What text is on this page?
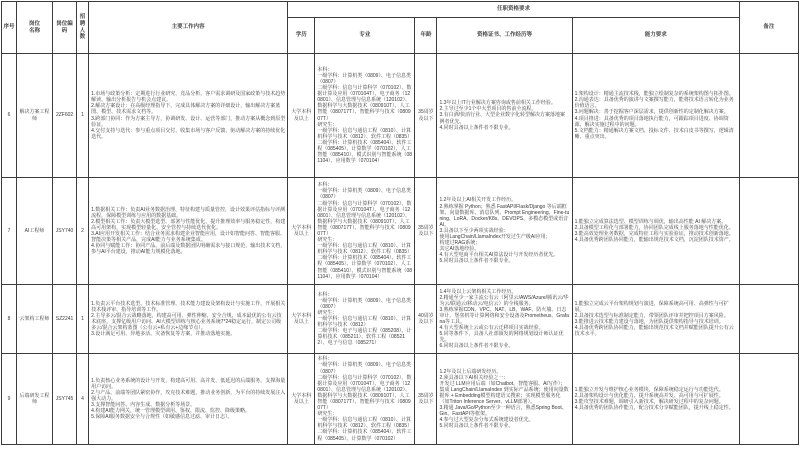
序号	岗位
名称	岗位编码	招聘
人数	主要工作内容	任职资格要求					备注
					学历	专业	年龄	资格证书、工作经历等	能力要求	
6	解决方案工程师	2ZF602	1	1.市场与政策分析：定期进行行业研究、竞品分析，客户需求调研及国家政策与技术趋势解读，输出分析报告与机会点建议。
2.解决方案设计：在高级经理指导下，完成具体解决方案的详细设计，输出解决方案蓝图、模型、技术需求文档等。
3.跨部门协同：作为方案主导方，协调研发、设计、运营等部门，推动方案从概念到原型验证。
4.交付支持与迭代：参与重点项目交付，收集市场与客户反馈，驱动解决方案的持续优化迭代。	大学本科及以上	本科：
一级学科：计算机类（0809）、电子信息类（0807）
二级学科：信息与计算科学（070102）、数据计算及应用（070104T）、电子商务（120801）、信息管理与信息系统（120102）、数据科学与大数据技术（080910T）、人工智能（080717T）、智能科学与技术（080907T）
研究生：
一级学科：信息与通信工程（0810）、计算机科学与技术（0812）、软件工程（0835）
二级学科：计算机技术（085404）、软件工程（085405）、计算数学（070102）、人工智能（085410）、模式识别与智能系统（081104）、应用数学（070104）	35周岁及以下	1.3年以上IT行业解决方案咨询或售前相关工作经验。
2.主导过至少1个中大型项目的售前全流程。
3.有白酒/快消行业、大型企业数字化转型解决方案落地案例者优先。
4.同时具备以上条件者不限专业。	1.架构设计：精通主流技术栈，能独立绘制复杂的系统架构图与拓扑图。
2.沟通表达：具备优秀的演讲与文案撰写能力，能将技术语言转化为业务价值语言。
3.问题解决：善于挖掘客户深层需求，提供创新性的定制化解决方案。
4.项目推进：具备优秀的项目落地执行能力，可跟踪项目进度、协调资源、解决实施过程中的问题。
5.文档能力：精通解决方案文档、投标文件、技术白皮书等撰写，逻辑清晰、重点突出。	
7	AI工程师	JSY740	2	1.数据相关工作：负责AI业务数据治理、特征构建与质量管控，设计效果评估指标与评测流程，保障模型训练与应用的数据基础。
2.模型相关工作：负责大模型选型、部署与性能优化，提升推理效率与服务稳定性，构建高可用架构，实现模型轻量化、安全管控与持续迭代优化。
3.AI应用开发相关工作：结合业务需求构建企业智能应用，设计如智能问答、智能客服、智能决策等相关产品，完成AI能力与业务系统集成。
4.协同与赋能工作：协同产品、前后端及数据团队明确需求与接口规范，输出技术文档，参与AI平台建设，推动AI能力规模化落地。	大学本科及以上	本科：
一级学科：计算机类（0809）、电子信息类（0807）
二级学科：信息与计算科学（070102）、数据计算及应用（070104T）、电子商务（120801）、信息管理与信息系统（120102）、数据科学与大数据技术（080910T）、人工智能（080717T）、智能科学与技术（080907T）
研究生：
一级学科：信息与通信工程（0810）、计算机科学与技术（0812）、软件工程（0835）
二级学科：计算机技术（085404）、软件工程（085405）、计算数学（070102）、人工智能（085410）、模式识别与智能系统（081104）、应用数学（070104）	35周岁及以下	1.2年及以上AI相关开发工作经历。
2.熟练掌握 Python；熟悉 FastAPI/Flask/Django 等后端框架、向量数据库、消息队列、Prompt Engineering、Fine-tuning、LoRA、Docker/K8s、DEVOPS、多模态模型或语音AI。
3.具备以下至少两项实战经验：
使用LangChain/LlamaIndex开发过生产级AI应用；
构建过RAG系统；
其它AI落地经验。
4.有大型电商平台相关AI算法设计与开发经历者优先。
5.同时具备以上条件者不限专业。	1.能独立完成算法选型、模型训练与调优，输出高性能 AI 解决方案。
2.具备模型工程化与部署能力，协同团队完成线上服务落地与性能优化。
3.能高效处理业务数据，完成特征工程与实验验证，推动技术创新落地。
4.具备优秀跨团队协同能力，能输出规范技术文档，沉淀团队技术资产。	
8	云架构工程师	SZ2241	1	1.负责云平台技术选型、技术标准管理、技术能力建设及架构设计与实施工作，开展相关技术栈评审、指导培训等工作。
2.主导多云/混合云战略落地，构建高可用、弹性伸缩、安全合规、成本最优的公有云技术底座，支撑亿级用户访问、AI大模型训练与核心业务系统7*24稳定运行，制定公司级多云/混合云架构蓝图（公有云+私有云+边缘节点）。
3.设计满足可用、异地多活、灾备恢复等方案，并推动落地实施。	大学本科及以上	本科：
一级学科：计算机类（0809）、电子信息类（0807）
研究生：
一级学科：信息与通信工程（0810）、计算机科学与技术（0812）
二级学科：电子与通信工程（085208）、计算机技术（085211）、软件工程（085212）、电子与信息（085271）	40周岁及以下	1.4年及以上云架构相关工作经历。
2.精通至少一家主流公有云（阿里云/AWS/Azure/腾讯云/华为云/联通云/移动云/电信云）的全栈服务。
3.熟练掌握CDN、VPC、NAT、LB、WAF、防火墙、日志审计、堡垒机等计算网络和安全设备及Prometheus、Grafana等工具。
4.有大型系统上云或公有云迁移项目实战经验。
5.同等条件下，具备人社部颁发的网络规划设计师认证优先。
6.同时具备以上条件者不限专业。	1.能独立完成云平台架构规划与演进，保障系统高可用、高弹性与可扩展。
2.具备技术选型与标准制定能力，带领团队评审并把控项目方案风险。
3.能推进云技术能力建设与落地，为团队提供架构指导与技术培训。
4.具备优秀跨团队协同能力，能输出规范技术文档并赋能团队提升公有云技术水平。	
9	后端研发工程师	JSY745	4	1.负责核心业务系统的设计与开发，构建高可用、高并发、低延迟的后端服务，支撑海量用户访问。
2.与产品、前端等团队紧密协作，攻克技术难题，推动业务创新，为平台的持续发展注入强大动力。
3.支撑智能问答、内容生成、数据分析等场景。
4.构建AI能力网关，统一管理模型调用、鉴权、限流、监控、降级策略。
5.保障AI服务数据安全与合规性（如敏感信息过滤、审计日志）。	大学本科及以上	本科：
一级学科：计算机类（0809）、电子信息类（0807）
二级学科：信息与计算科学（070102）、数据计算及应用（070104T）、电子商务（120801）、信息管理与信息系统（120102）、数据科学与大数据技术（080910T）、人工智能（080717T）、智能科学与技术（080907T）
研究生：
一级学科：信息与通信工程（0810）、计算机科学与技术（0812）、软件工程（0835）
二级学科：计算机技术（085404）、软件工程（085405）、计算数学（070102）	35周岁及以下	1.2年及以上后端研发经历。
2.须具备以下AI相关经验之一：
开发过 LLM应用后端（如Chatbot、智能客服、AI写作）；集成 LangChain/LlamaIndex 到实际产品系统；使用向量数据库 + Embedding模型构建语义搜索；实现模型服务化（如Triton Inference Server、vLLM部署）。
3.精通 Java/Go/Python至少一种语言，熟悉Spring Boot、Gin、FastAPI等框架。
4.参与过大型复杂分布式系统建设者优先。
5.同时具备以上条件者不限专业。	1.能独立开发与维护核心业务模块，保障系统稳定运行与功能迭代。
2.具备架构设计与优化能力，提升系统高并发、高可用与可扩展性。
3.能攻坚技术难题，调研引入新技术，解决研发过程中的复杂问题。
4.具备优秀的团队协作能力，配合技术分享赋能团队，提升线上稳定性。	
